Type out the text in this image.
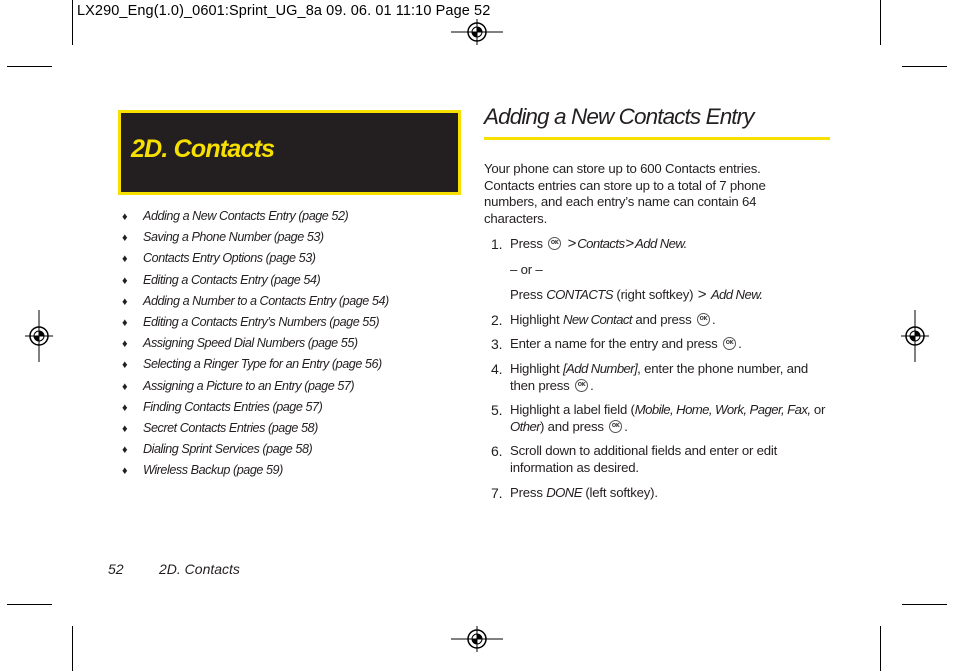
LX290_Eng(1.0)_0601:Sprint_UG_8a 09. 06. 01 11:10 Page 52
2D. Contacts
♦ Adding a New Contacts Entry (page 52)
♦ Saving a Phone Number (page 53)
♦ Contacts Entry Options (page 53)
♦ Editing a Contacts Entry (page 54)
♦ Adding a Number to a Contacts Entry (page 54)
♦ Editing a Contacts Entry’s Numbers (page 55)
♦ Assigning Speed Dial Numbers (page 55)
♦ Selecting a Ringer Type for an Entry (page 56)
♦ Assigning a Picture to an Entry (page 57)
♦ Finding Contacts Entries (page 57)
♦ Secret Contacts Entries (page 58)
♦ Dialing Sprint Services (page 58)
♦ Wireless Backup (page 59)
Adding a New Contacts Entry
Your phone can store up to 600 Contacts entries. Contacts entries can store up to a total of 7 phone numbers, and each entry’s name can contain 64 characters.
1. Press OK >Contacts>Add New.
– or –
Press CONTACTS (right softkey) > Add New.
2. Highlight New Contact and press OK .
3. Enter a name for the entry and press OK .
4. Highlight [Add Number], enter the phone number, and then press OK .
5. Highlight a label field (Mobile, Home, Work, Pager, Fax, or Other) and press OK .
6. Scroll down to additional fields and enter or edit information as desired.
7. Press DONE (left softkey).
52	2D. Contacts
